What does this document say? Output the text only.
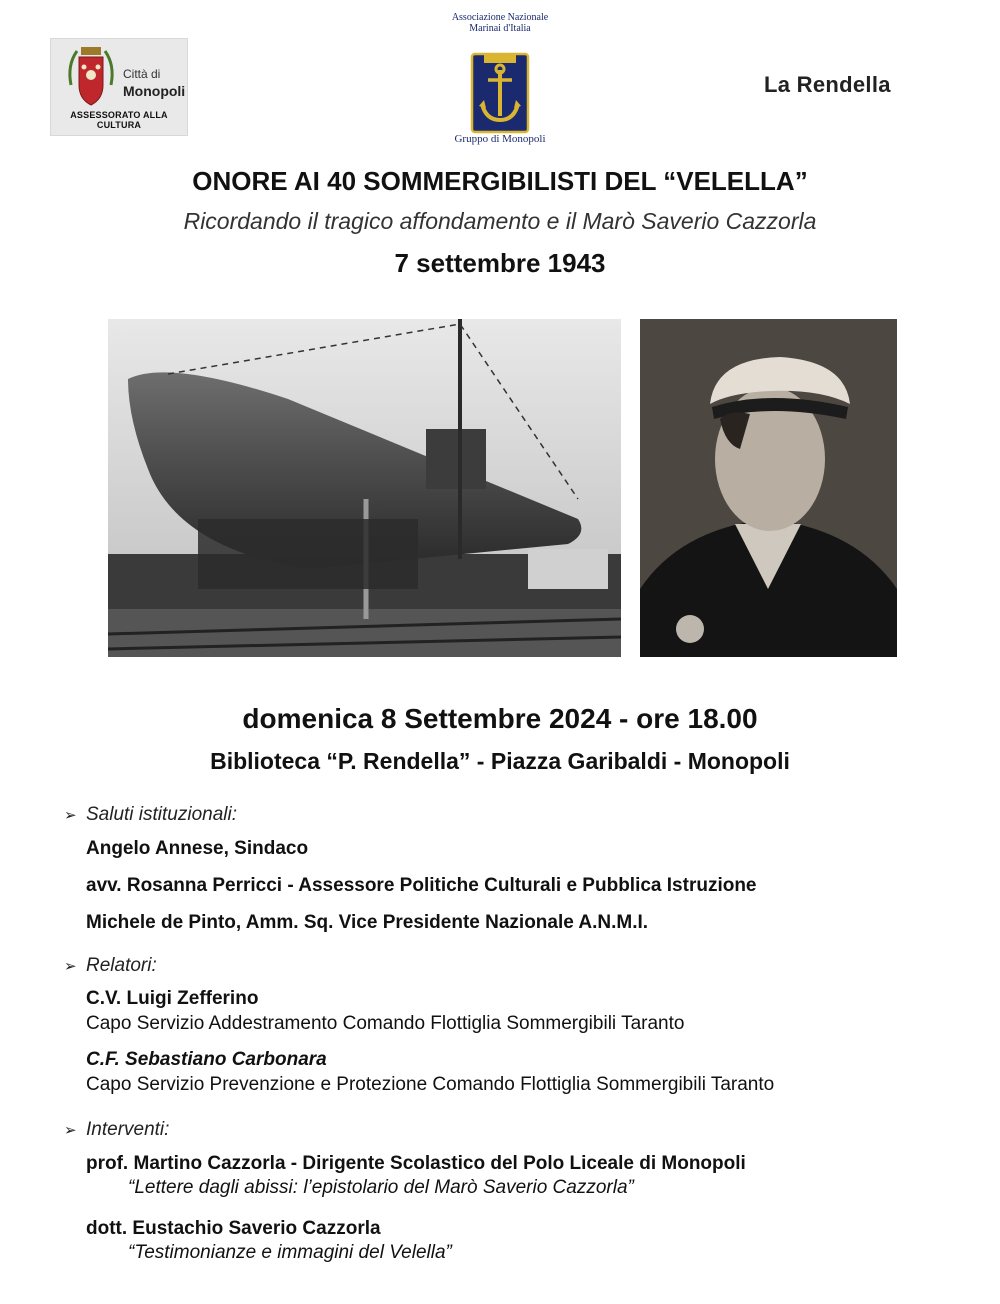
Città di
Monopoli
ASSESSORATO ALLA CULTURA
Associazione Nazionale
Marinai d'Italia
Gruppo di Monopoli
La Rendella
ONORE AI 40 SOMMERGIBILISTI DEL “VELELLA”
Ricordando il tragico affondamento e il Marò Saverio Cazzorla
7 settembre 1943
domenica 8 Settembre 2024 - ore 18.00
Biblioteca “P. Rendella” - Piazza Garibaldi - Monopoli
➢ Saluti istituzionali:
Angelo Annese, Sindaco
avv. Rosanna Perricci - Assessore Politiche Culturali e Pubblica Istruzione
Michele de Pinto, Amm. Sq. Vice Presidente Nazionale A.N.M.I.
➢ Relatori:
C.V. Luigi Zefferino
Capo Servizio Addestramento Comando Flottiglia Sommergibili Taranto
C.F. Sebastiano Carbonara
Capo Servizio Prevenzione e Protezione Comando Flottiglia Sommergibili Taranto
➢ Interventi:
prof. Martino Cazzorla - Dirigente Scolastico del Polo Liceale di Monopoli
“Lettere dagli abissi: l’epistolario del Marò Saverio Cazzorla”
dott. Eustachio Saverio Cazzorla
“Testimonianze e immagini del Velella”
